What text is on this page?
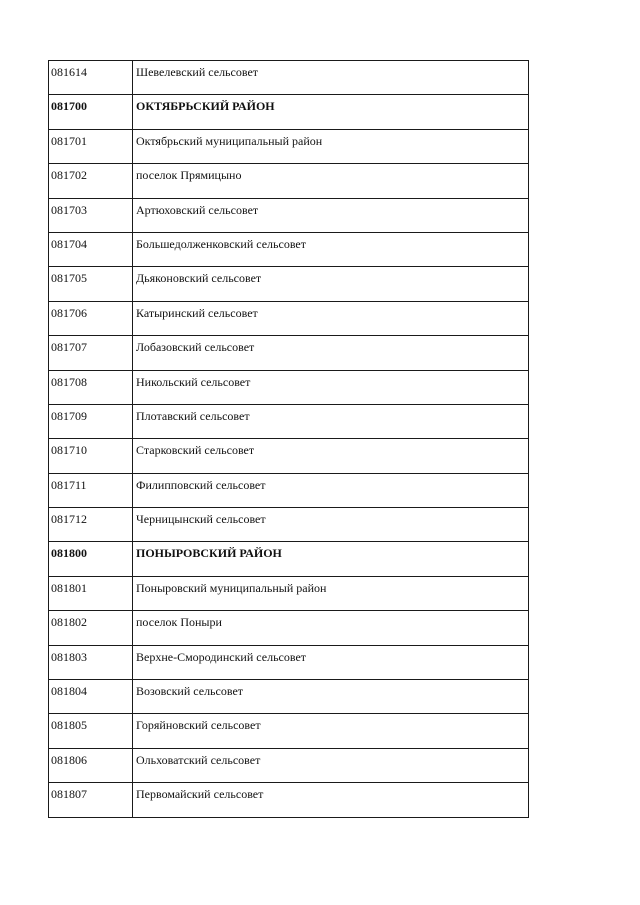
081614	Шевелевский сельсовет

081700	ОКТЯБРЬСКИЙ РАЙОН

081701	Октябрьский муниципальный район

081702	поселок Прямицыно

081703	Артюховский сельсовет

081704	Большедолженковский сельсовет

081705	Дьяконовский сельсовет

081706	Катыринский сельсовет

081707	Лобазовский сельсовет

081708	Никольский сельсовет

081709	Плотавский сельсовет

081710	Старковский сельсовет

081711	Филипповский сельсовет

081712	Черницынский сельсовет

081800	ПОНЫРОВСКИЙ РАЙОН

081801	Поныровский муниципальный район

081802	поселок Поныри

081803	Верхне-Смородинский сельсовет

081804	Возовский сельсовет

081805	Горяйновский сельсовет

081806	Ольховатский сельсовет

081807	Первомайский сельсовет
